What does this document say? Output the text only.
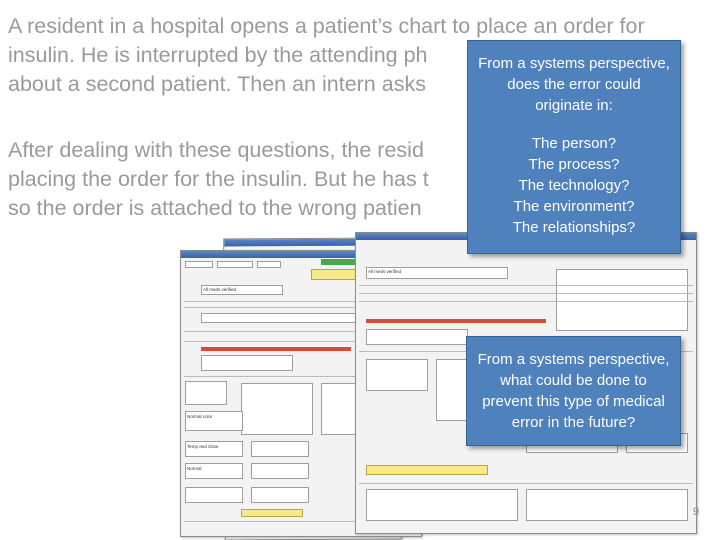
All meds verified
Normal color
Temp and Glow
Normal
All meds verified

A resident in a hospital opens a patient’s chart to place an order for
insulin. He is interrupted by the attending ph
about a second patient. Then an intern asks

After dealing with these questions, the resid
placing the order for the insulin. But he has t
so the order is attached to the wrong patien

From a systems perspective,
does the error could
originate in:
The person?
The process?
The technology?
The environment?
The relationships?
From a systems perspective,
what could be done to
prevent this type of medical
error in the future?
9
